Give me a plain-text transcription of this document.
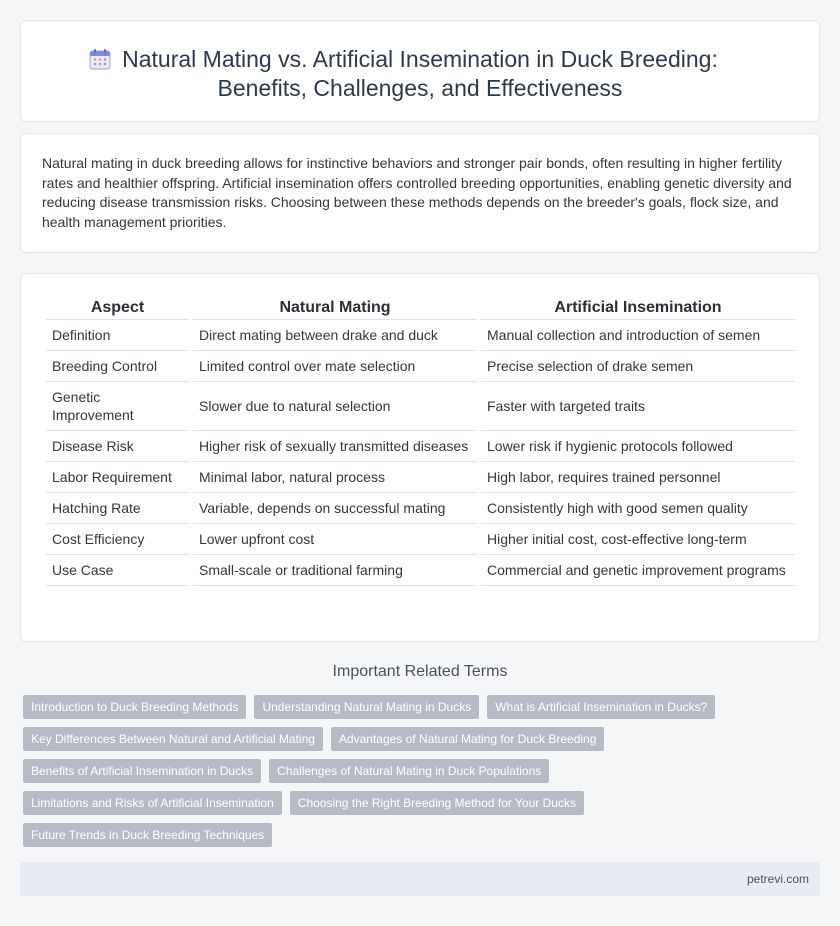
Natural Mating vs. Artificial Insemination in Duck Breeding:
Benefits, Challenges, and Effectiveness

Natural mating in duck breeding allows for instinctive behaviors and stronger pair bonds, often resulting in higher fertility rates and healthier offspring. Artificial insemination offers controlled breeding opportunities, enabling genetic diversity and reducing disease transmission risks. Choosing between these methods depends on the breeder's goals, flock size, and health management priorities.

Aspect	Natural Mating	Artificial Insemination
Definition	Direct mating between drake and duck	Manual collection and introduction of semen
Breeding Control	Limited control over mate selection	Precise selection of drake semen
Genetic Improvement	Slower due to natural selection	Faster with targeted traits
Disease Risk	Higher risk of sexually transmitted diseases	Lower risk if hygienic protocols followed
Labor Requirement	Minimal labor, natural process	High labor, requires trained personnel
Hatching Rate	Variable, depends on successful mating	Consistently high with good semen quality
Cost Efficiency	Lower upfront cost	Higher initial cost, cost-effective long-term
Use Case	Small-scale or traditional farming	Commercial and genetic improvement programs
Important Related Terms
Introduction to Duck Breeding Methods	Understanding Natural Mating in Ducks	What is Artificial Insemination in Ducks?
Key Differences Between Natural and Artificial Mating	Advantages of Natural Mating for Duck Breeding
Benefits of Artificial Insemination in Ducks	Challenges of Natural Mating in Duck Populations
Limitations and Risks of Artificial Insemination	Choosing the Right Breeding Method for Your Ducks
Future Trends in Duck Breeding Techniques
petrevi.com
